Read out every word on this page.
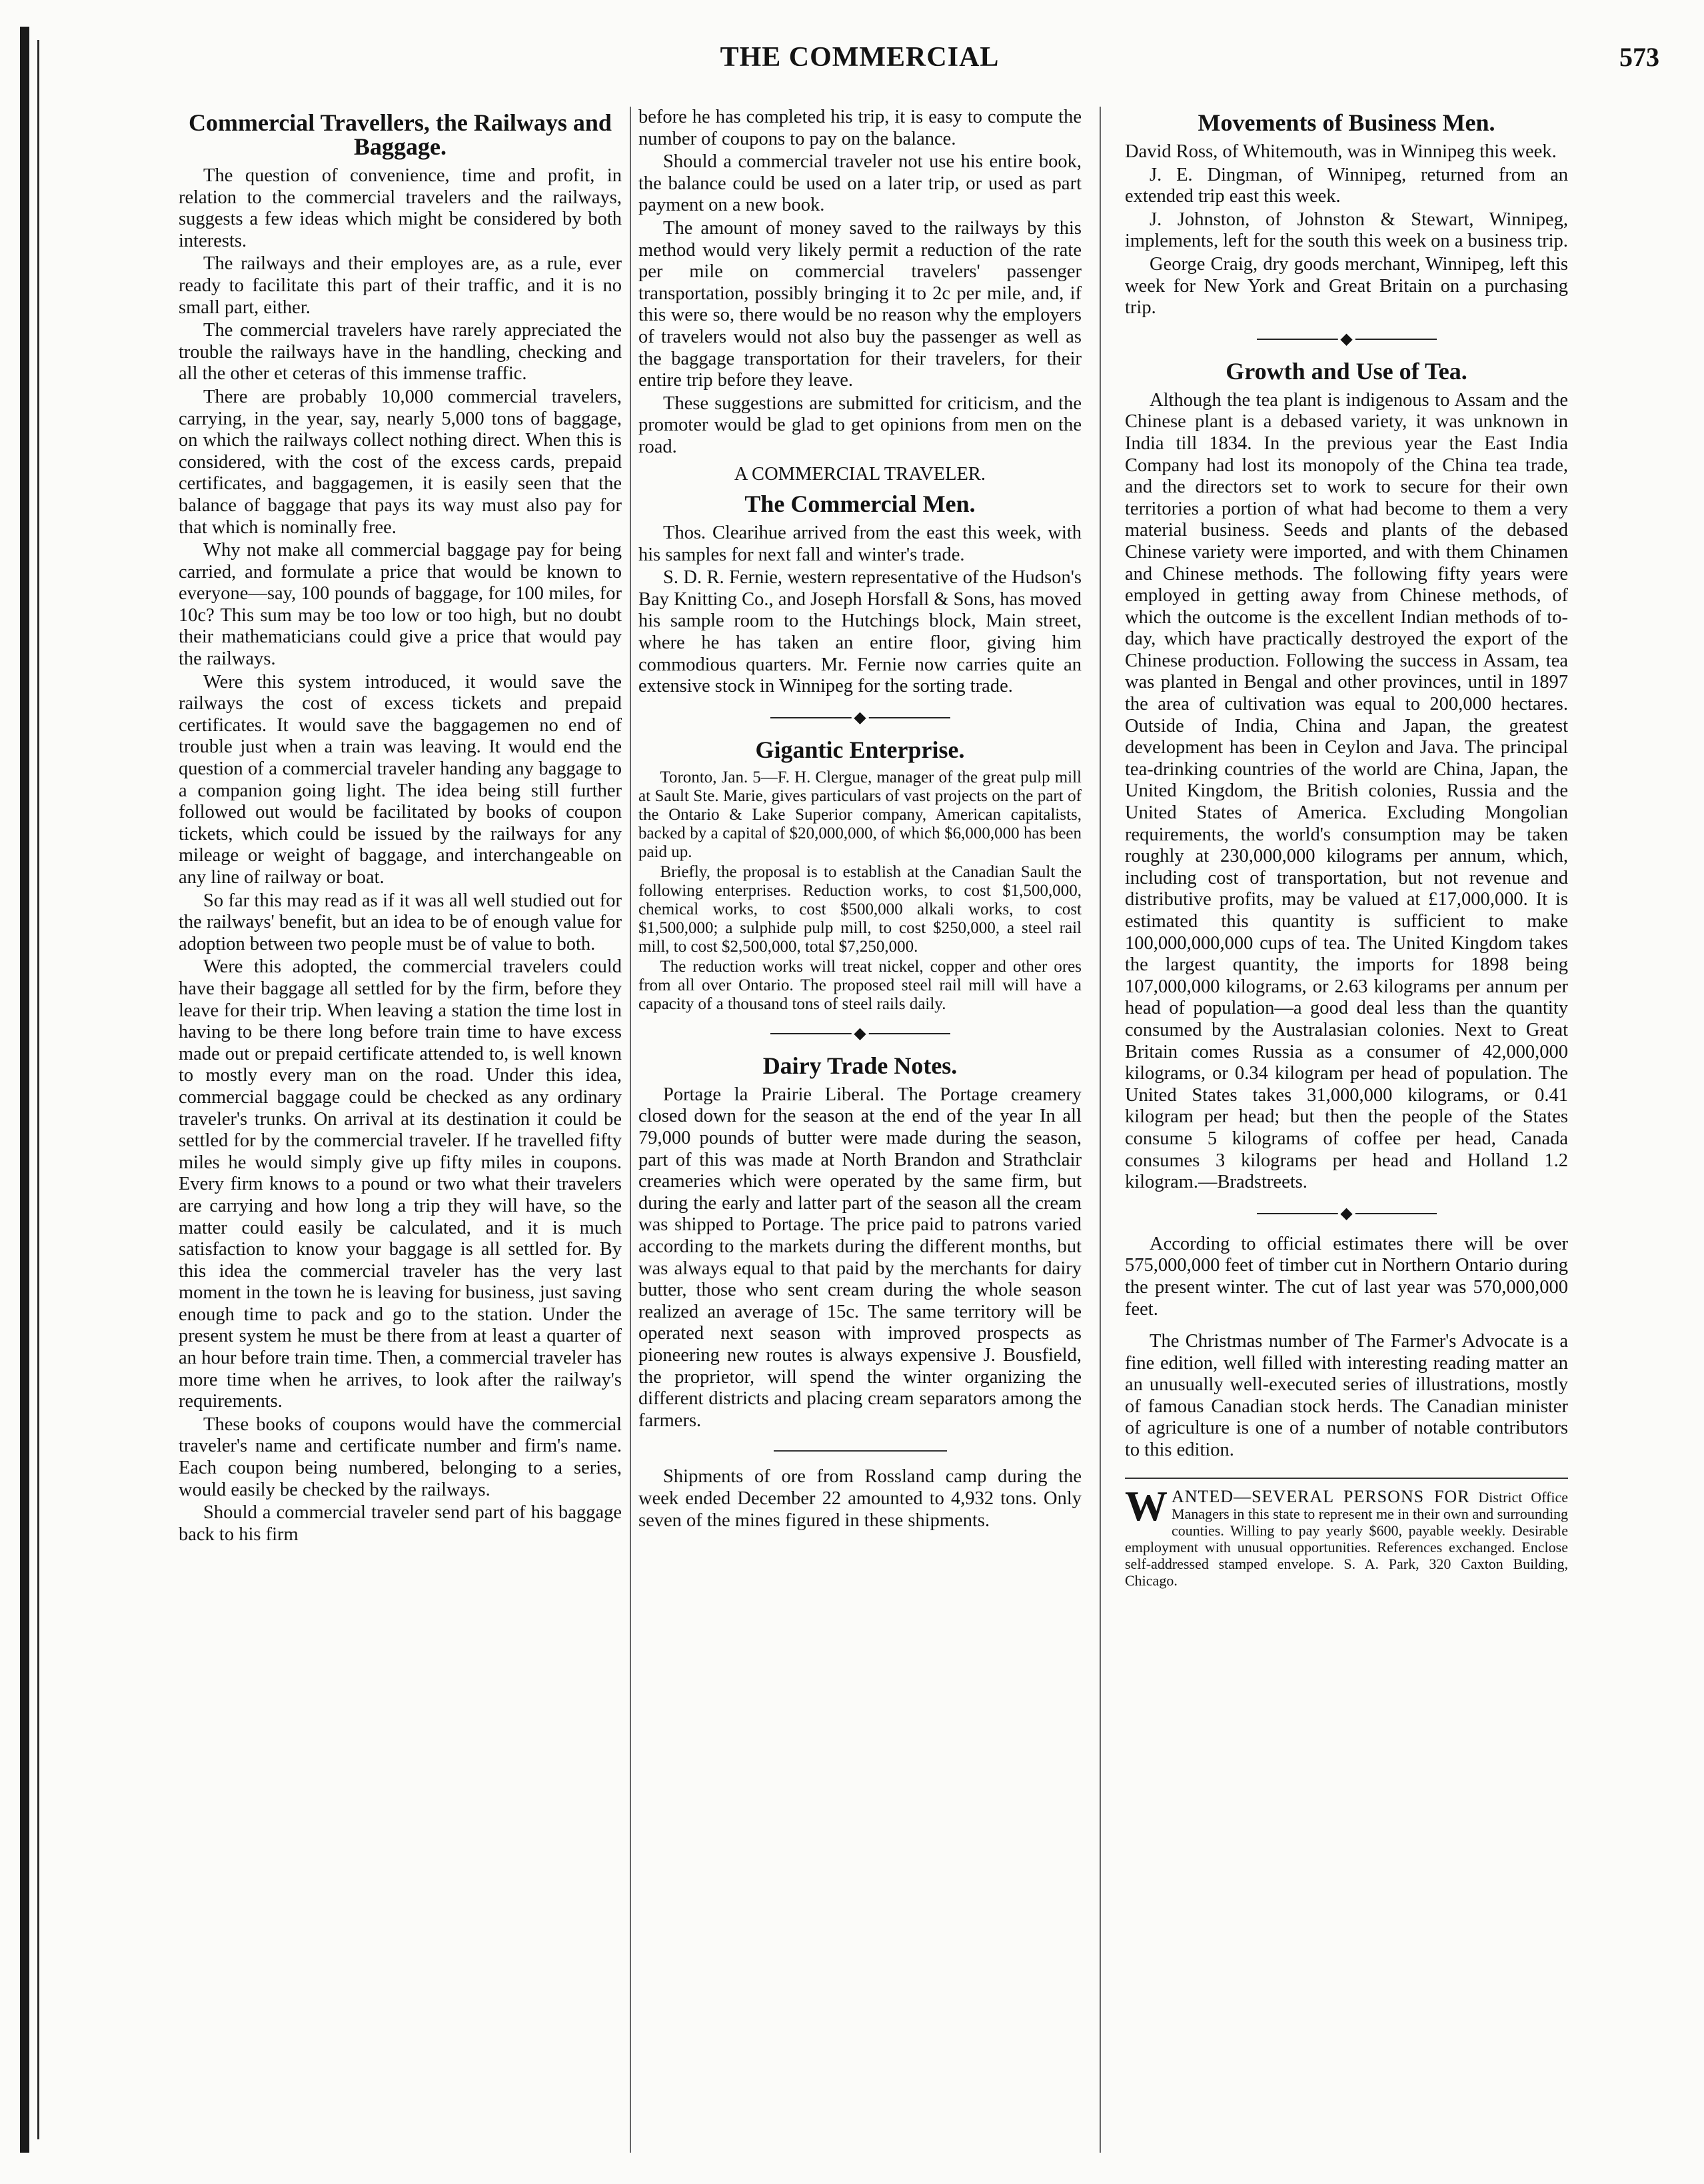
THE COMMERCIAL	573
Commercial Travellers, the Railways and Baggage.

The question of convenience, time and profit, in relation to the commercial travelers and the railways, suggests a few ideas which might be considered by both interests.

The railways and their employes are, as a rule, ever ready to facilitate this part of their traffic, and it is no small part, either.

The commercial travelers have rarely appreciated the trouble the railways have in the handling, checking and all the other et ceteras of this immense traffic.

There are probably 10,000 commercial travelers, carrying, in the year, say, nearly 5,000 tons of baggage, on which the railways collect nothing direct. When this is considered, with the cost of the excess cards, prepaid certificates, and baggagemen, it is easily seen that the balance of baggage that pays its way must also pay for that which is nominally free.

Why not make all commercial baggage pay for being carried, and formulate a price that would be known to everyone—say, 100 pounds of baggage, for 100 miles, for 10c? This sum may be too low or too high, but no doubt their mathematicians could give a price that would pay the railways.

Were this system introduced, it would save the railways the cost of excess tickets and prepaid certificates. It would save the baggagemen no end of trouble just when a train was leaving. It would end the question of a commercial traveler handing any baggage to a companion going light. The idea being still further followed out would be facilitated by books of coupon tickets, which could be issued by the railways for any mileage or weight of baggage, and interchangeable on any line of railway or boat.

So far this may read as if it was all well studied out for the railways' benefit, but an idea to be of enough value for adoption between two people must be of value to both.

Were this adopted, the commercial travelers could have their baggage all settled for by the firm, before they leave for their trip. When leaving a station the time lost in having to be there long before train time to have excess made out or prepaid certificate attended to, is well known to mostly every man on the road. Under this idea, commercial baggage could be checked as any ordinary traveler's trunks. On arrival at its destination it could be settled for by the commercial traveler. If he travelled fifty miles he would simply give up fifty miles in coupons. Every firm knows to a pound or two what their travelers are carrying and how long a trip they will have, so the matter could easily be calculated, and it is much satisfaction to know your baggage is all settled for. By this idea the commercial traveler has the very last moment in the town he is leaving for business, just saving enough time to pack and go to the station. Under the present system he must be there from at least a quarter of an hour before train time. Then, a commercial traveler has more time when he arrives, to look after the railway's requirements.

These books of coupons would have the commercial traveler's name and certificate number and firm's name. Each coupon being numbered, belonging to a series, would easily be checked by the railways.

Should a commercial traveler send part of his baggage back to his firm

before he has completed his trip, it is easy to compute the number of coupons to pay on the balance.

Should a commercial traveler not use his entire book, the balance could be used on a later trip, or used as part payment on a new book.

The amount of money saved to the railways by this method would very likely permit a reduction of the rate per mile on commercial travelers' passenger transportation, possibly bringing it to 2c per mile, and, if this were so, there would be no reason why the employers of travelers would not also buy the passenger as well as the baggage transportation for their travelers, for their entire trip before they leave.

These suggestions are submitted for criticism, and the promoter would be glad to get opinions from men on the road.

A COMMERCIAL TRAVELER.
The Commercial Men.

Thos. Clearihue arrived from the east this week, with his samples for next fall and winter's trade.

S. D. R. Fernie, western representative of the Hudson's Bay Knitting Co., and Joseph Horsfall & Sons, has moved his sample room to the Hutchings block, Main street, where he has taken an entire floor, giving him commodious quarters. Mr. Fernie now carries quite an extensive stock in Winnipeg for the sorting trade.

◆
Gigantic Enterprise.

Toronto, Jan. 5—F. H. Clergue, manager of the great pulp mill at Sault Ste. Marie, gives particulars of vast projects on the part of the Ontario & Lake Superior company, American capitalists, backed by a capital of $20,000,000, of which $6,000,000 has been paid up.

Briefly, the proposal is to establish at the Canadian Sault the following enterprises. Reduction works, to cost $1,500,000, chemical works, to cost $500,000 alkali works, to cost $1,500,000; a sulphide pulp mill, to cost $250,000, a steel rail mill, to cost $2,500,000, total $7,250,000.

The reduction works will treat nickel, copper and other ores from all over Ontario. The proposed steel rail mill will have a capacity of a thousand tons of steel rails daily.

◆
Dairy Trade Notes.

Portage la Prairie Liberal. The Portage creamery closed down for the season at the end of the year In all 79,000 pounds of butter were made during the season, part of this was made at North Brandon and Strathclair creameries which were operated by the same firm, but during the early and latter part of the season all the cream was shipped to Portage. The price paid to patrons varied according to the markets during the different months, but was always equal to that paid by the merchants for dairy butter, those who sent cream during the whole season realized an average of 15c. The same territory will be operated next season with improved prospects as pioneering new routes is always expensive J. Bousfield, the proprietor, will spend the winter organizing the different districts and placing cream separators among the farmers.

Shipments of ore from Rossland camp during the week ended December 22 amounted to 4,932 tons. Only seven of the mines figured in these shipments.

Movements of Business Men.

David Ross, of Whitemouth, was in Winnipeg this week.

J. E. Dingman, of Winnipeg, returned from an extended trip east this week.

J. Johnston, of Johnston & Stewart, Winnipeg, implements, left for the south this week on a business trip.

George Craig, dry goods merchant, Winnipeg, left this week for New York and Great Britain on a purchasing trip.

◆
Growth and Use of Tea.

Although the tea plant is indigenous to Assam and the Chinese plant is a debased variety, it was unknown in India till 1834. In the previous year the East India Company had lost its monopoly of the China tea trade, and the directors set to work to secure for their own territories a portion of what had become to them a very material business. Seeds and plants of the debased Chinese variety were imported, and with them Chinamen and Chinese methods. The following fifty years were employed in getting away from Chinese methods, of which the outcome is the excellent Indian methods of to-day, which have practically destroyed the export of the Chinese production. Following the success in Assam, tea was planted in Bengal and other provinces, until in 1897 the area of cultivation was equal to 200,000 hectares. Outside of India, China and Japan, the greatest development has been in Ceylon and Java. The principal tea-drinking countries of the world are China, Japan, the United Kingdom, the British colonies, Russia and the United States of America. Excluding Mongolian requirements, the world's consumption may be taken roughly at 230,000,000 kilograms per annum, which, including cost of transportation, but not revenue and distributive profits, may be valued at £17,000,000. It is estimated this quantity is sufficient to make 100,000,000,000 cups of tea. The United Kingdom takes the largest quantity, the imports for 1898 being 107,000,000 kilograms, or 2.63 kilograms per annum per head of population—a good deal less than the quantity consumed by the Australasian colonies. Next to Great Britain comes Russia as a consumer of 42,000,000 kilograms, or 0.34 kilogram per head of population. The United States takes 31,000,000 kilograms, or 0.41 kilogram per head; but then the people of the States consume 5 kilograms of coffee per head, Canada consumes 3 kilograms per head and Holland 1.2 kilogram.—Bradstreets.

◆

According to official estimates there will be over 575,000,000 feet of timber cut in Northern Ontario during the present winter. The cut of last year was 570,000,000 feet.

The Christmas number of The Farmer's Advocate is a fine edition, well filled with interesting reading matter an an unusually well-executed series of illustrations, mostly of famous Canadian stock herds. The Canadian minister of agriculture is one of a number of notable contributors to this edition.

W ANTED—SEVERAL PERSONS FOR District Office Managers in this state to represent me in their own and surrounding counties. Willing to pay yearly $600, payable weekly. Desirable employment with unusual opportunities. References exchanged. Enclose self-addressed stamped envelope. S. A. Park, 320 Caxton Building, Chicago.
